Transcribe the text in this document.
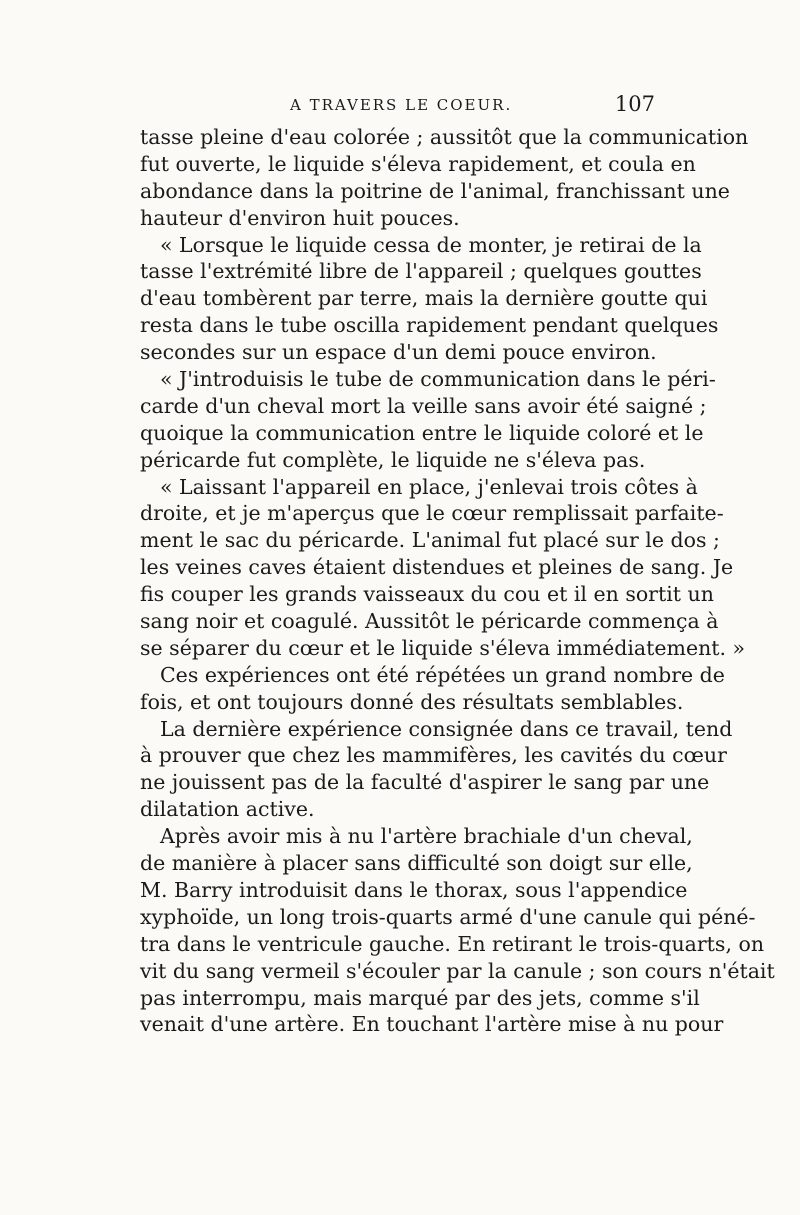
A TRAVERS LE COEUR.	107
tasse pleine d'eau colorée ; aussitôt que la communication
fut ouverte, le liquide s'éleva rapidement, et coula en
abondance dans la poitrine de l'animal, franchissant une
hauteur d'environ huit pouces.
« Lorsque le liquide cessa de monter, je retirai de la
tasse l'extrémité libre de l'appareil ; quelques gouttes
d'eau tombèrent par terre, mais la dernière goutte qui
resta dans le tube oscilla rapidement pendant quelques
secondes sur un espace d'un demi pouce environ.
« J'introduisis le tube de communication dans le péri-
carde d'un cheval mort la veille sans avoir été saigné ;
quoique la communication entre le liquide coloré et le
péricarde fut complète, le liquide ne s'éleva pas.
« Laissant l'appareil en place, j'enlevai trois côtes à
droite, et je m'aperçus que le cœur remplissait parfaite-
ment le sac du péricarde. L'animal fut placé sur le dos ;
les veines caves étaient distendues et pleines de sang. Je
fis couper les grands vaisseaux du cou et il en sortit un
sang noir et coagulé. Aussitôt le péricarde commença à
se séparer du cœur et le liquide s'éleva immédiatement. »
Ces expériences ont été répétées un grand nombre de
fois, et ont toujours donné des résultats semblables.
La dernière expérience consignée dans ce travail, tend
à prouver que chez les mammifères, les cavités du cœur
ne jouissent pas de la faculté d'aspirer le sang par une
dilatation active.
Après avoir mis à nu l'artère brachiale d'un cheval,
de manière à placer sans difficulté son doigt sur elle,
M. Barry introduisit dans le thorax, sous l'appendice
xyphoïde, un long trois-quarts armé d'une canule qui péné-
tra dans le ventricule gauche. En retirant le trois-quarts, on
vit du sang vermeil s'écouler par la canule ; son cours n'était
pas interrompu, mais marqué par des jets, comme s'il
venait d'une artère. En touchant l'artère mise à nu pour
